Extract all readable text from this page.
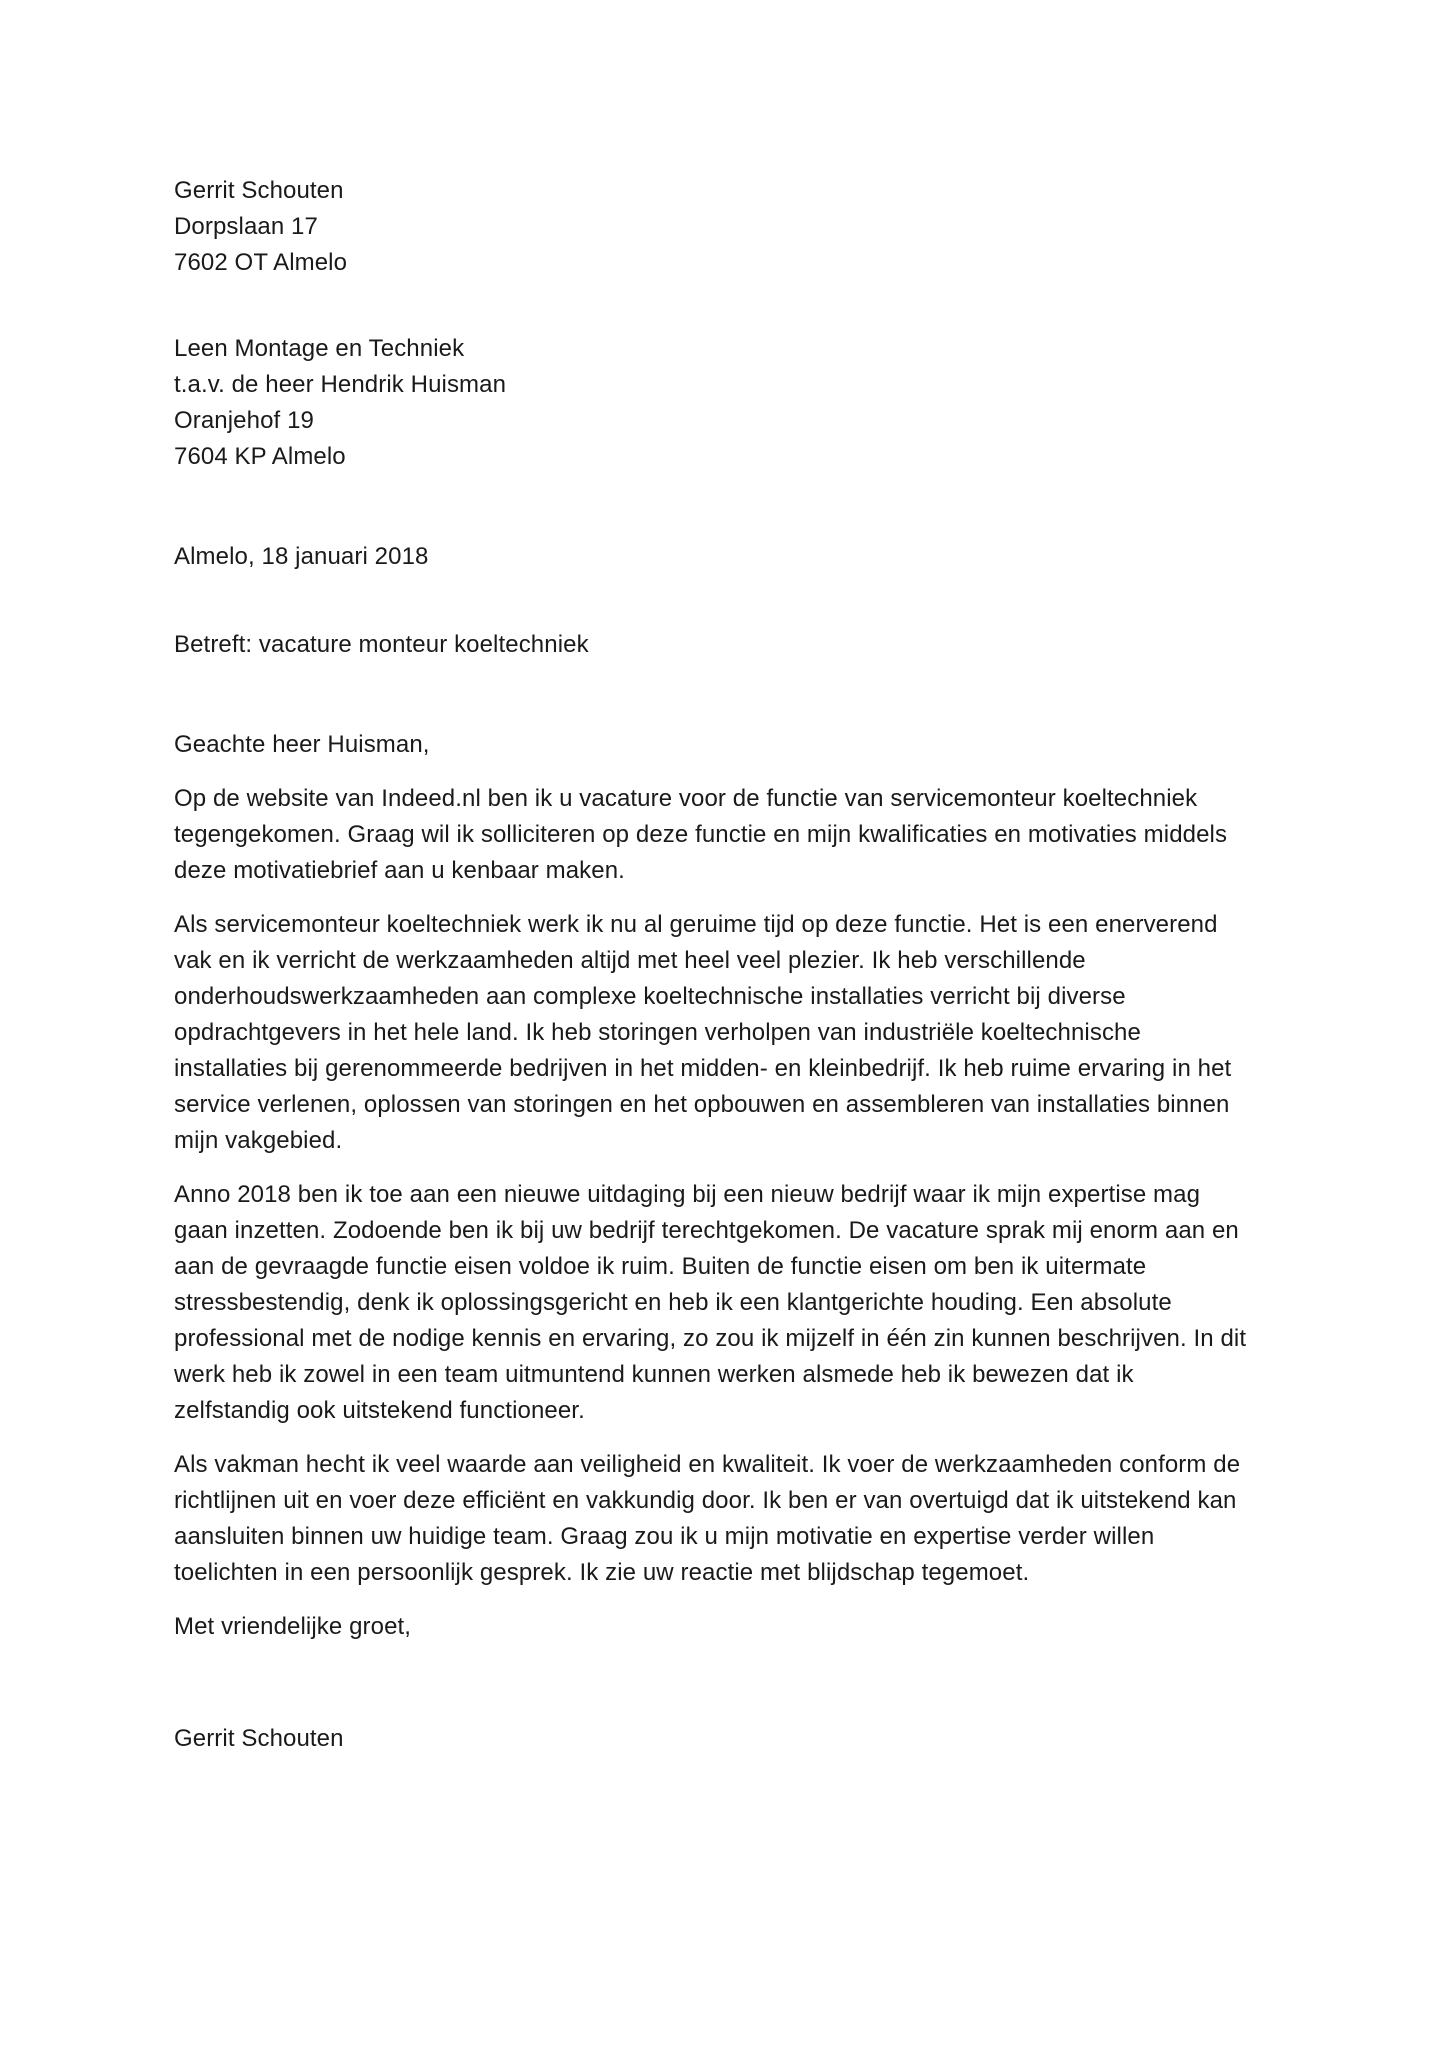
Gerrit Schouten
Dorpslaan 17
7602 OT Almelo
Leen Montage en Techniek
t.a.v. de heer Hendrik Huisman
Oranjehof 19
7604 KP Almelo
Almelo, 18 januari 2018
Betreft: vacature monteur koeltechniek
Geachte heer Huisman,

Op de website van Indeed.nl ben ik u vacature voor de functie van servicemonteur koeltechniek
tegengekomen. Graag wil ik solliciteren op deze functie en mijn kwalificaties en motivaties middels
deze motivatiebrief aan u kenbaar maken.

Als servicemonteur koeltechniek werk ik nu al geruime tijd op deze functie. Het is een enerverend
vak en ik verricht de werkzaamheden altijd met heel veel plezier. Ik heb verschillende
onderhoudswerkzaamheden aan complexe koeltechnische installaties verricht bij diverse
opdrachtgevers in het hele land. Ik heb storingen verholpen van industriële koeltechnische
installaties bij gerenommeerde bedrijven in het midden- en kleinbedrijf. Ik heb ruime ervaring in het
service verlenen, oplossen van storingen en het opbouwen en assembleren van installaties binnen
mijn vakgebied.

Anno 2018 ben ik toe aan een nieuwe uitdaging bij een nieuw bedrijf waar ik mijn expertise mag
gaan inzetten. Zodoende ben ik bij uw bedrijf terechtgekomen. De vacature sprak mij enorm aan en
aan de gevraagde functie eisen voldoe ik ruim. Buiten de functie eisen om ben ik uitermate
stressbestendig, denk ik oplossingsgericht en heb ik een klantgerichte houding. Een absolute
professional met de nodige kennis en ervaring, zo zou ik mijzelf in één zin kunnen beschrijven. In dit
werk heb ik zowel in een team uitmuntend kunnen werken alsmede heb ik bewezen dat ik
zelfstandig ook uitstekend functioneer.

Als vakman hecht ik veel waarde aan veiligheid en kwaliteit. Ik voer de werkzaamheden conform de
richtlijnen uit en voer deze efficiënt en vakkundig door. Ik ben er van overtuigd dat ik uitstekend kan
aansluiten binnen uw huidige team. Graag zou ik u mijn motivatie en expertise verder willen
toelichten in een persoonlijk gesprek. Ik zie uw reactie met blijdschap tegemoet.

Met vriendelijke groet,
Gerrit Schouten
